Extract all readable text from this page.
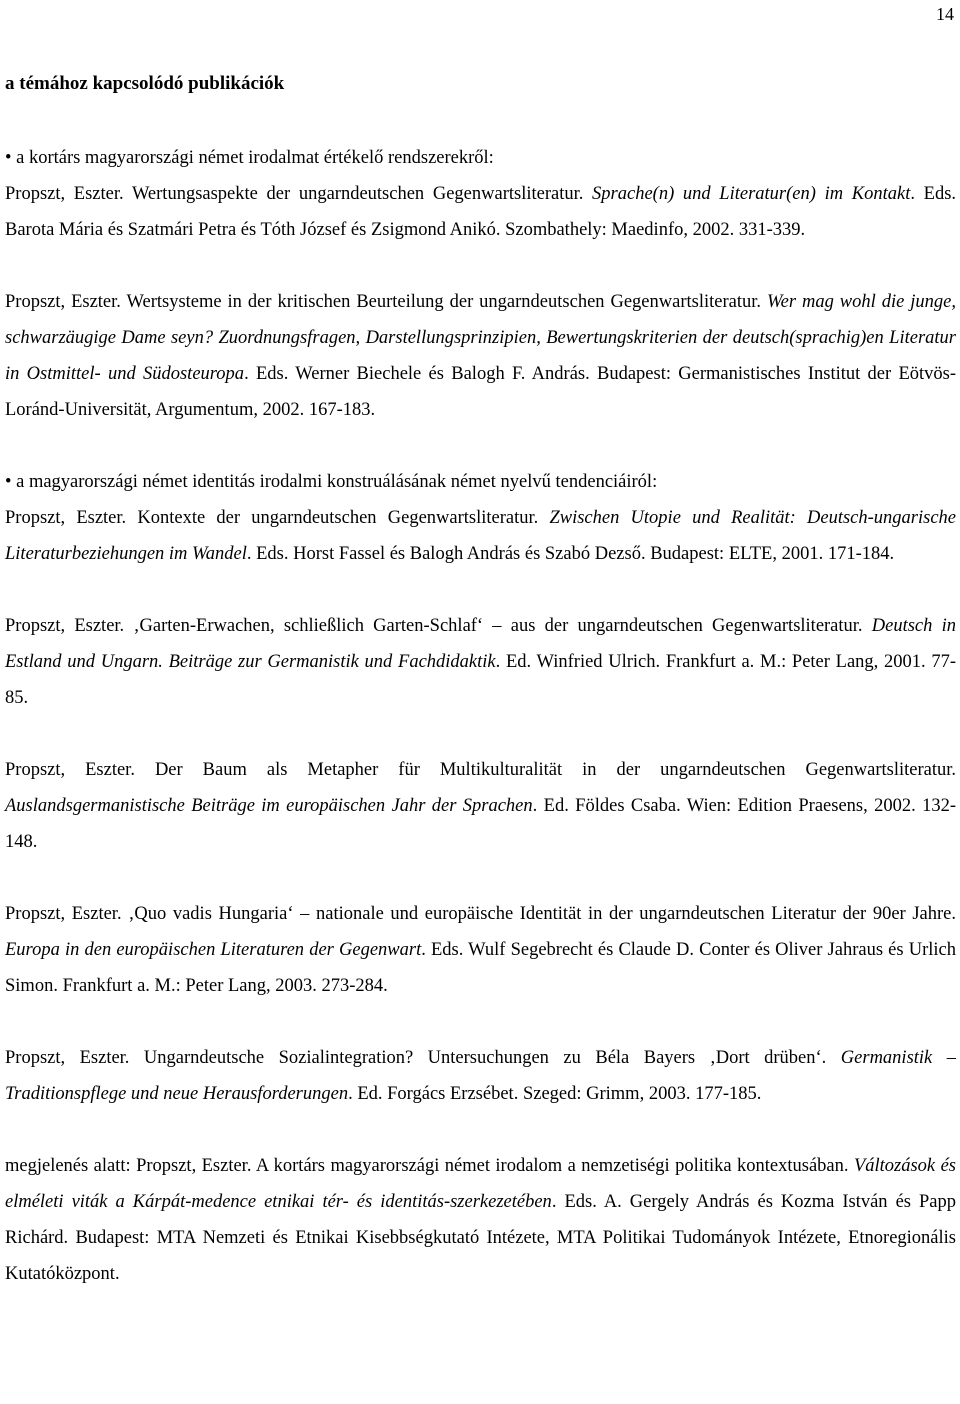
14
a témához kapcsolódó publikációk
• a kortárs magyarországi német irodalmat értékelő rendszerekről:
Propszt, Eszter. Wertungsaspekte der ungarndeutschen Gegenwartsliteratur. Sprache(n) und Literatur(en) im Kontakt. Eds. Barota Mária és Szatmári Petra és Tóth József és Zsigmond Anikó. Szombathely: Maedinfo, 2002. 331-339.
Propszt, Eszter. Wertsysteme in der kritischen Beurteilung der ungarndeutschen Gegenwartsliteratur. Wer mag wohl die junge, schwarzäugige Dame seyn? Zuordnungsfragen, Darstellungsprinzipien, Bewertungskriterien der deutsch(sprachig)en Literatur in Ostmittel- und Südosteuropa. Eds. Werner Biechele és Balogh F. András. Budapest: Germanistisches Institut der Eötvös-Loránd-Universität, Argumentum, 2002. 167-183.
• a magyarországi német identitás irodalmi konstruálásának német nyelvű tendenciáiról:
Propszt, Eszter. Kontexte der ungarndeutschen Gegenwartsliteratur. Zwischen Utopie und Realität: Deutsch-ungarische Literaturbeziehungen im Wandel. Eds. Horst Fassel és Balogh András és Szabó Dezső. Budapest: ELTE, 2001. 171-184.
Propszt, Eszter. ‚Garten-Erwachen, schließlich Garten-Schlaf‘ – aus der ungarndeutschen Gegenwartsliteratur. Deutsch in Estland und Ungarn. Beiträge zur Germanistik und Fachdidaktik. Ed. Winfried Ulrich. Frankfurt a. M.: Peter Lang, 2001. 77-85.
Propszt, Eszter. Der Baum als Metapher für Multikulturalität in der ungarndeutschen Gegenwartsliteratur. Auslandsgermanistische Beiträge im europäischen Jahr der Sprachen. Ed. Földes Csaba. Wien: Edition Praesens, 2002. 132-148.
Propszt, Eszter. ‚Quo vadis Hungaria‘ – nationale und europäische Identität in der ungarndeutschen Literatur der 90er Jahre. Europa in den europäischen Literaturen der Gegenwart. Eds. Wulf Segebrecht és Claude D. Conter és Oliver Jahraus és Urlich Simon. Frankfurt a. M.: Peter Lang, 2003. 273-284.
Propszt, Eszter. Ungarndeutsche Sozialintegration? Untersuchungen zu Béla Bayers ‚Dort drüben‘. Germanistik – Traditionspflege und neue Herausforderungen. Ed. Forgács Erzsébet. Szeged: Grimm, 2003. 177-185.
megjelenés alatt: Propszt, Eszter. A kortárs magyarországi német irodalom a nemzetiségi politika kontextusában. Változások és elméleti viták a Kárpát-medence etnikai tér- és identitás-szerkezetében. Eds. A. Gergely András és Kozma István és Papp Richárd. Budapest: MTA Nemzeti és Etnikai Kisebbségkutató Intézete, MTA Politikai Tudományok Intézete, Etnoregionális Kutatóközpont.
